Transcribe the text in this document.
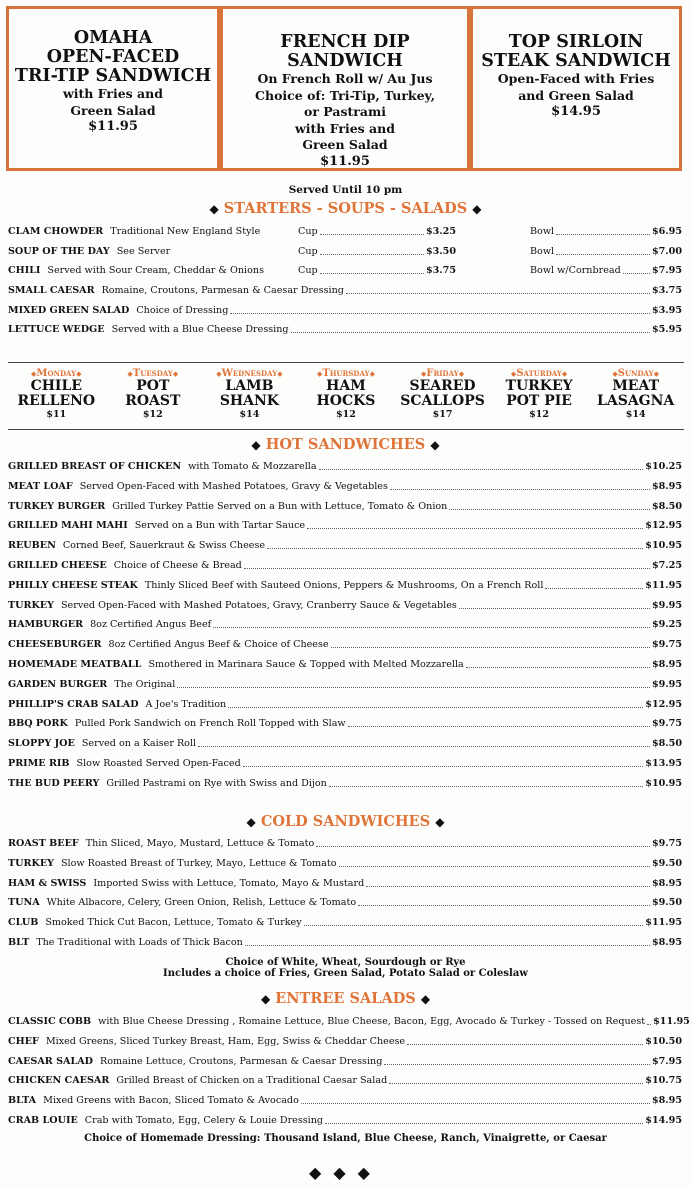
OMAHA
OPEN-FACED
TRI-TIP SANDWICH
with Fries and
Green Salad
$11.95
FRENCH DIP SANDWICH
On French Roll w/ Au Jus
Choice of: Tri-Tip, Turkey,
or Pastrami
with Fries and
Green Salad
$11.95
TOP SIRLOIN
STEAK SANDWICH
Open-Faced with Fries
and Green Salad
$14.95
Served Until 10 pm
◆ STARTERS - SOUPS - SALADS ◆
CLAM CHOWDER Traditional New England Style	Cup	$3.25	Bowl	$6.95
SOUP OF THE DAY See Server	Cup	$3.50	Bowl	$7.00
CHILI Served with Sour Cream, Cheddar & Onions	Cup	$3.75	Bowl w/Cornbread	$7.95
SMALL CAESAR Romaine, Croutons, Parmesan & Caesar Dressing	$3.75
MIXED GREEN SALAD Choice of Dressing	$3.95
LETTUCE WEDGE Served with a Blue Cheese Dressing	$5.95
◆Monday◆
CHILE
RELLENO
$11
◆Tuesday◆
POT
ROAST
$12
◆Wednesday◆
LAMB
SHANK
$14
◆Thursday◆
HAM
HOCKS
$12
◆Friday◆
SEARED
SCALLOPS
$17
◆Saturday◆
TURKEY
POT PIE
$12
◆Sunday◆
MEAT
LASAGNA
$14
◆ HOT SANDWICHES ◆
GRILLED BREAST OF CHICKEN with Tomato & Mozzarella	$10.25
MEAT LOAF Served Open-Faced with Mashed Potatoes, Gravy & Vegetables	$8.95
TURKEY BURGER Grilled Turkey Pattie Served on a Bun with Lettuce, Tomato & Onion	$8.50
GRILLED MAHI MAHI Served on a Bun with Tartar Sauce	$12.95
REUBEN Corned Beef, Sauerkraut & Swiss Cheese	$10.95
GRILLED CHEESE Choice of Cheese & Bread	$7.25
PHILLY CHEESE STEAK Thinly Sliced Beef with Sauteed Onions, Peppers & Mushrooms, On a French Roll	$11.95
TURKEY Served Open-Faced with Mashed Potatoes, Gravy, Cranberry Sauce & Vegetables	$9.95
HAMBURGER 8oz Certified Angus Beef	$9.25
CHEESEBURGER 8oz Certified Angus Beef & Choice of Cheese	$9.75
HOMEMADE MEATBALL Smothered in Marinara Sauce & Topped with Melted Mozzarella	$8.95
GARDEN BURGER The Original	$9.95
PHILLIP'S CRAB SALAD A Joe's Tradition	$12.95
BBQ PORK Pulled Pork Sandwich on French Roll Topped with Slaw	$9.75
SLOPPY JOE Served on a Kaiser Roll	$8.50
PRIME RIB Slow Roasted Served Open-Faced	$13.95
THE BUD PEERY Grilled Pastrami on Rye with Swiss and Dijon	$10.95
◆ COLD SANDWICHES ◆
ROAST BEEF Thin Sliced, Mayo, Mustard, Lettuce & Tomato	$9.75
TURKEY Slow Roasted Breast of Turkey, Mayo, Lettuce & Tomato	$9.50
HAM & SWISS Imported Swiss with Lettuce, Tomato, Mayo & Mustard	$8.95
TUNA White Albacore, Celery, Green Onion, Relish, Lettuce & Tomato	$9.50
CLUB Smoked Thick Cut Bacon, Lettuce, Tomato & Turkey	$11.95
BLT The Traditional with Loads of Thick Bacon	$8.95
Choice of White, Wheat, Sourdough or Rye
Includes a choice of Fries, Green Salad, Potato Salad or Coleslaw
◆ ENTREE SALADS ◆
CLASSIC COBB with Blue Cheese Dressing , Romaine Lettuce, Blue Cheese, Bacon, Egg, Avocado & Turkey - Tossed on Request $11.95
CHEF Mixed Greens, Sliced Turkey Breast, Ham, Egg, Swiss & Cheddar Cheese	$10.50
CAESAR SALAD Romaine Lettuce, Croutons, Parmesan & Caesar Dressing	$7.95
CHICKEN CAESAR Grilled Breast of Chicken on a Traditional Caesar Salad	$10.75
BLTA Mixed Greens with Bacon, Sliced Tomato & Avocado	$8.95
CRAB LOUIE Crab with Tomato, Egg, Celery & Louie Dressing	$14.95
Choice of Homemade Dressing: Thousand Island, Blue Cheese, Ranch, Vinaigrette, or Caesar
◆◆◆
